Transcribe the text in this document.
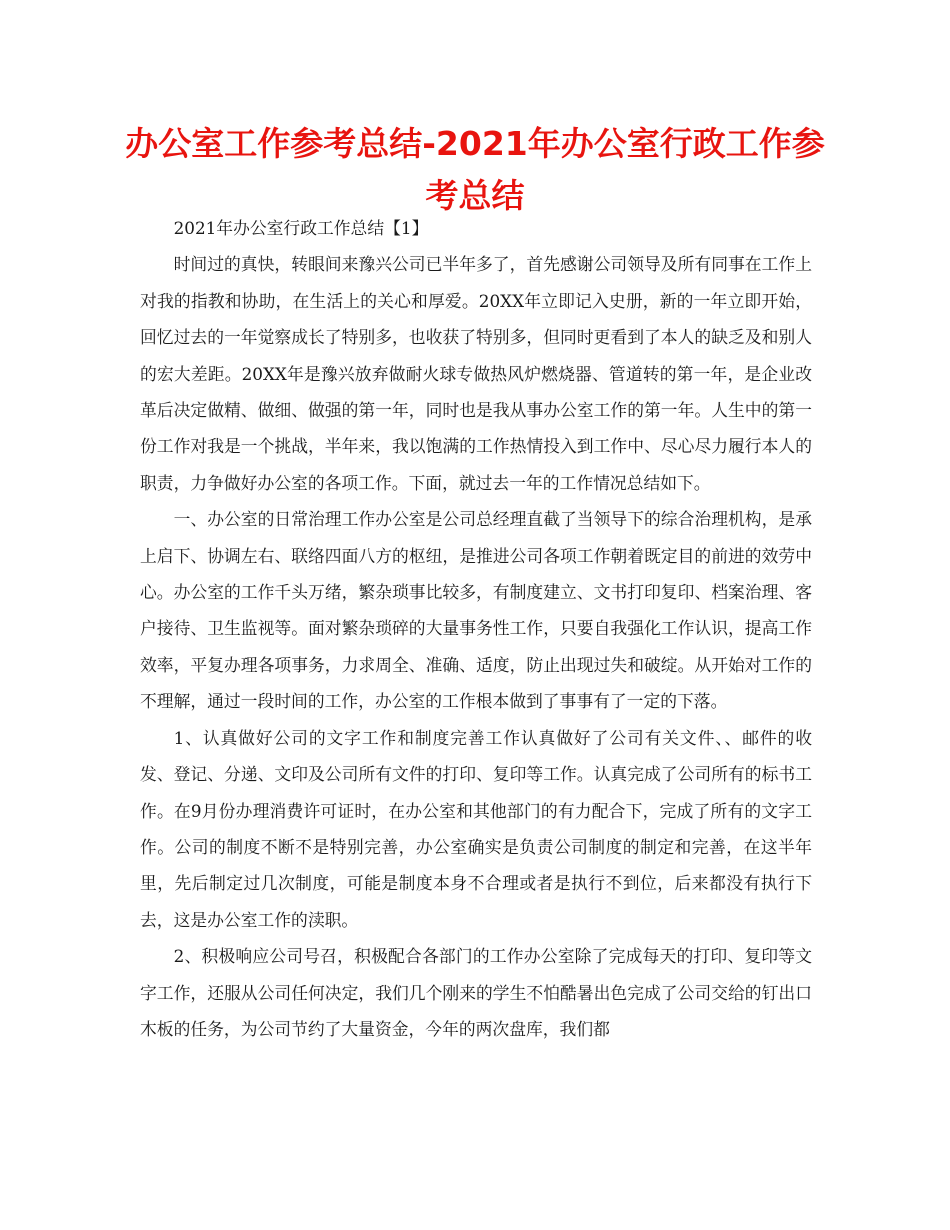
办公室工作参考总结-2021年办公室行政工作参考总结

2021年办公室行政工作总结【1】

时间过的真快，转眼间来豫兴公司已半年多了，首先感谢公司领导及所有同事在工作上对我的指教和协助，在生活上的关心和厚爱。20XX年立即记入史册，新的一年立即开始，回忆过去的一年觉察成长了特别多，也收获了特别多，但同时更看到了本人的缺乏及和别人的宏大差距。20XX年是豫兴放弃做耐火球专做热风炉燃烧器、管道转的第一年，是企业改革后决定做精、做细、做强的第一年，同时也是我从事办公室工作的第一年。人生中的第一份工作对我是一个挑战，半年来，我以饱满的工作热情投入到工作中、尽心尽力履行本人的职责，力争做好办公室的各项工作。下面，就过去一年的工作情况总结如下。

一、办公室的日常治理工作办公室是公司总经理直截了当领导下的综合治理机构，是承上启下、协调左右、联络四面八方的枢纽，是推进公司各项工作朝着既定目的前进的效劳中心。办公室的工作千头万绪，繁杂琐事比较多，有制度建立、文书打印复印、档案治理、客户接待、卫生监视等。面对繁杂琐碎的大量事务性工作，只要自我强化工作认识，提高工作效率，平复办理各项事务，力求周全、准确、适度，防止出现过失和破绽。从开始对工作的不理解，通过一段时间的工作，办公室的工作根本做到了事事有了一定的下落。

1、认真做好公司的文字工作和制度完善工作认真做好了公司有关文件、、邮件的收发、登记、分递、文印及公司所有文件的打印、复印等工作。认真完成了公司所有的标书工作。在9月份办理消费许可证时，在办公室和其他部门的有力配合下，完成了所有的文字工作。公司的制度不断不是特别完善，办公室确实是负责公司制度的制定和完善，在这半年里，先后制定过几次制度，可能是制度本身不合理或者是执行不到位，后来都没有执行下去，这是办公室工作的渎职。

2、积极响应公司号召，积极配合各部门的工作办公室除了完成每天的打印、复印等文字工作，还服从公司任何决定，我们几个刚来的学生不怕酷暑出色完成了公司交给的钉出口木板的任务，为公司节约了大量资金，今年的两次盘库，我们都
